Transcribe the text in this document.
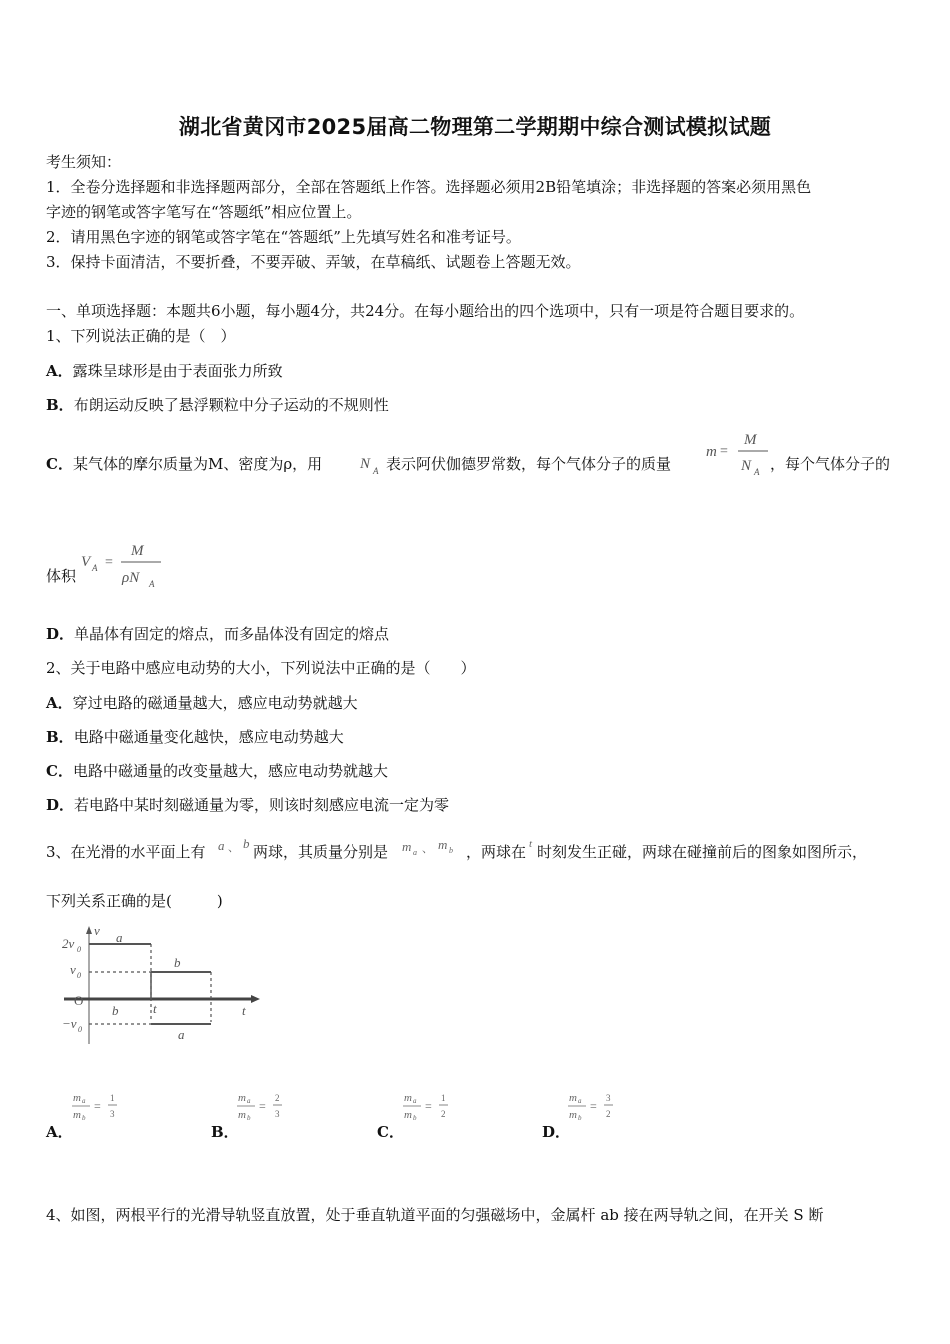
湖北省黄冈市2025届高二物理第二学期期中综合测试模拟试题
考生须知：
1．全卷分选择题和非选择题两部分，全部在答题纸上作答。选择题必须用2B铅笔填涂；非选择题的答案必须用黑色
字迹的钢笔或答字笔写在“答题纸”相应位置上。
2．请用黑色字迹的钢笔或答字笔在“答题纸”上先填写姓名和准考证号。
3．保持卡面清洁，不要折叠，不要弄破、弄皱，在草稿纸、试题卷上答题无效。
一、单项选择题：本题共6小题，每小题4分，共24分。在每小题给出的四个选项中，只有一项是符合题目要求的。
1、下列说法正确的是（　）
A．露珠呈球形是由于表面张力所致
B．布朗运动反映了悬浮颗粒中分子运动的不规则性
C．某气体的摩尔质量为M、密度为ρ，用	N A 表示阿伏伽德罗常数，每个气体分子的质量
m =
M
N A ，每个气体分子的
体积
V A =
M
ρN A
D．单晶体有固定的熔点，而多晶体没有固定的熔点
2、关于电路中感应电动势的大小，下列说法中正确的是（　　）
A．穿过电路的磁通量越大，感应电动势就越大
B．电路中磁通量变化越快，感应电动势越大
C．电路中磁通量的改变量越大，感应电动势就越大
D．若电路中某时刻磁通量为零，则该时刻感应电流一定为零
3、在光滑的水平面上有 a 、 b 两球，其质量分别是 m a 、 m b ，两球在 t 时刻发生正碰，两球在碰撞前后的图象如图所示，
下列关系正确的是(　　　)
v
t
O
2v 0
v 0
−v 0
a
b
b	t
a
A．
m a
m b
=
1
3
B．
m a
m b
=
2
3
C．
m a
m b
=
1
2
D．
m a
m b
=
3
2
4、如图，两根平行的光滑导轨竖直放置，处于垂直轨道平面的匀强磁场中，金属杆 ab 接在两导轨之间，在开关 S 断
